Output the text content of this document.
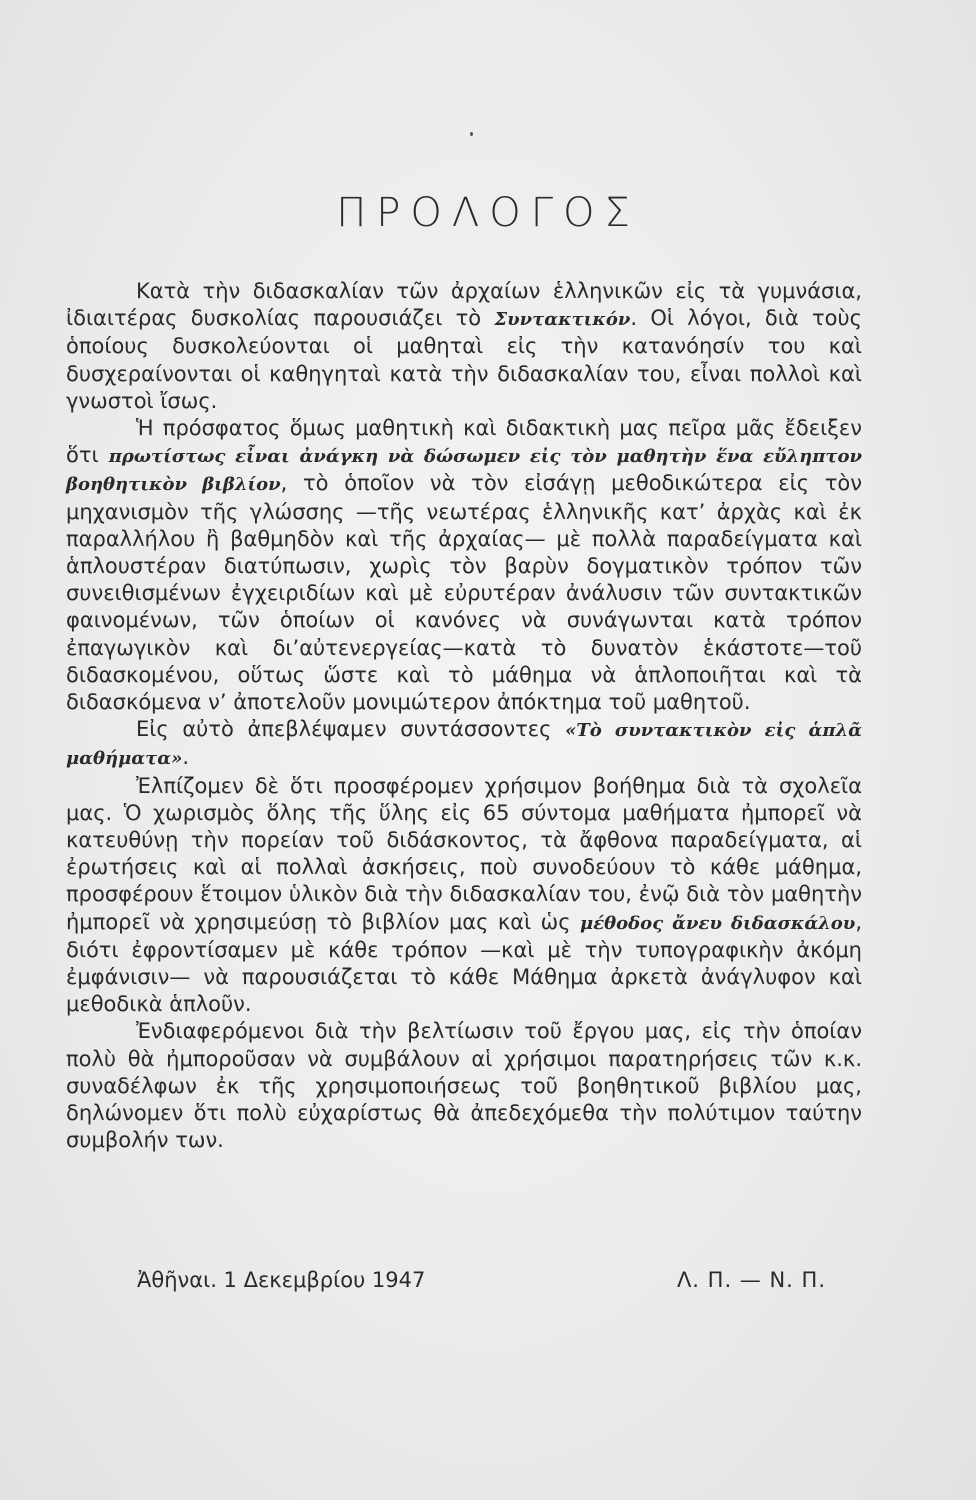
ΠΡΟΛΟΓΟΣ

Κατὰ τὴν διδασκαλίαν τῶν ἀρχαίων ἑλληνικῶν εἰς τὰ γυμνάσια, ἰδιαιτέρας δυσκολίας παρουσιάζει τὸ Συντακτικόν. Οἱ λόγοι, διὰ τοὺς ὁποίους δυσκολεύονται οἱ μαθηταὶ εἰς τὴν κατανόησίν του καὶ δυσχεραίνονται οἱ καθηγηταὶ κατὰ τὴν διδασκαλίαν του, εἶναι πολλοὶ καὶ γνωστοὶ ἴσως.

Ἡ πρόσφατος ὅμως μαθητικὴ καὶ διδακτικὴ μας πεῖρα μᾶς ἔδειξεν ὅτι πρωτίστως εἶναι ἀνάγκη νὰ δώσωμεν εἰς τὸν μαθητὴν ἕνα εὔληπτον βοηθητικὸν βιβλίον, τὸ ὁποῖον νὰ τὸν εἰσάγῃ μεθοδικώτερα εἰς τὸν μηχανισμὸν τῆς γλώσσης —τῆς νεωτέρας ἑλληνικῆς κατ’ ἀρχὰς καὶ ἐκ παραλλήλου ἢ βαθμηδὸν καὶ τῆς ἀρχαίας— μὲ πολλὰ παραδείγματα καὶ ἁπλουστέραν διατύπωσιν, χωρὶς τὸν βαρὺν δογματικὸν τρόπον τῶν συνειθισμένων ἐγχειριδίων καὶ μὲ εὐρυτέραν ἀνάλυσιν τῶν συντακτικῶν φαινομένων, τῶν ὁποίων οἱ κανόνες νὰ συνάγωνται κατὰ τρόπον ἐπαγωγικὸν καὶ δι’αὐτενεργείας—κατὰ τὸ δυνατὸν ἑκάστοτε—τοῦ διδασκομένου, οὕτως ὥστε καὶ τὸ μάθημα νὰ ἁπλοποιῆται καὶ τὰ διδασκόμενα ν’ ἀποτελοῦν μονιμώτερον ἀπόκτημα τοῦ μαθητοῦ.

Εἰς αὐτὸ ἀπεβλέψαμεν συντάσσοντες «Τὸ συντακτικὸν εἰς ἁπλᾶ μαθήματα».

Ἐλπίζομεν δὲ ὅτι προσφέρομεν χρήσιμον βοήθημα διὰ τὰ σχολεῖα μας. Ὁ χωρισμὸς ὅλης τῆς ὕλης εἰς 65 σύντομα μαθήματα ἠμπορεῖ νὰ κατευθύνῃ τὴν πορείαν τοῦ διδάσκοντος, τὰ ἄφθονα παραδείγματα, αἱ ἐρωτήσεις καὶ αἱ πολλαὶ ἀσκήσεις, ποὺ συνοδεύουν τὸ κάθε μάθημα, προσφέρουν ἕτοιμον ὑλικὸν διὰ τὴν διδασκαλίαν του, ἐνῷ διὰ τὸν μαθητὴν ἠμπορεῖ νὰ χρησιμεύσῃ τὸ βιβλίον μας καὶ ὡς μέθοδος ἄνευ διδασκάλου, διότι ἐφροντίσαμεν μὲ κάθε τρόπον —καὶ μὲ τὴν τυπογραφικὴν ἀκόμη ἐμφάνισιν— νὰ παρουσιάζεται τὸ κάθε Μάθημα ἀρκετὰ ἀνάγλυφον καὶ μεθοδικὰ ἁπλοῦν.

Ἐνδιαφερόμενοι διὰ τὴν βελτίωσιν τοῦ ἔργου μας, εἰς τὴν ὁποίαν πολὺ θὰ ἠμποροῦσαν νὰ συμβάλουν αἱ χρήσιμοι παρατηρήσεις τῶν κ.κ. συναδέλφων ἐκ τῆς χρησιμοποιήσεως τοῦ βοηθητικοῦ βιβλίου μας, δηλώνομεν ὅτι πολὺ εὐχαρίστως θὰ ἀπεδεχόμεθα τὴν πολύτιμον ταύτην συμβολήν των.

Ἀθῆναι. 1 Δεκεμβρίου 1947	Λ. Π. — Ν. Π.
